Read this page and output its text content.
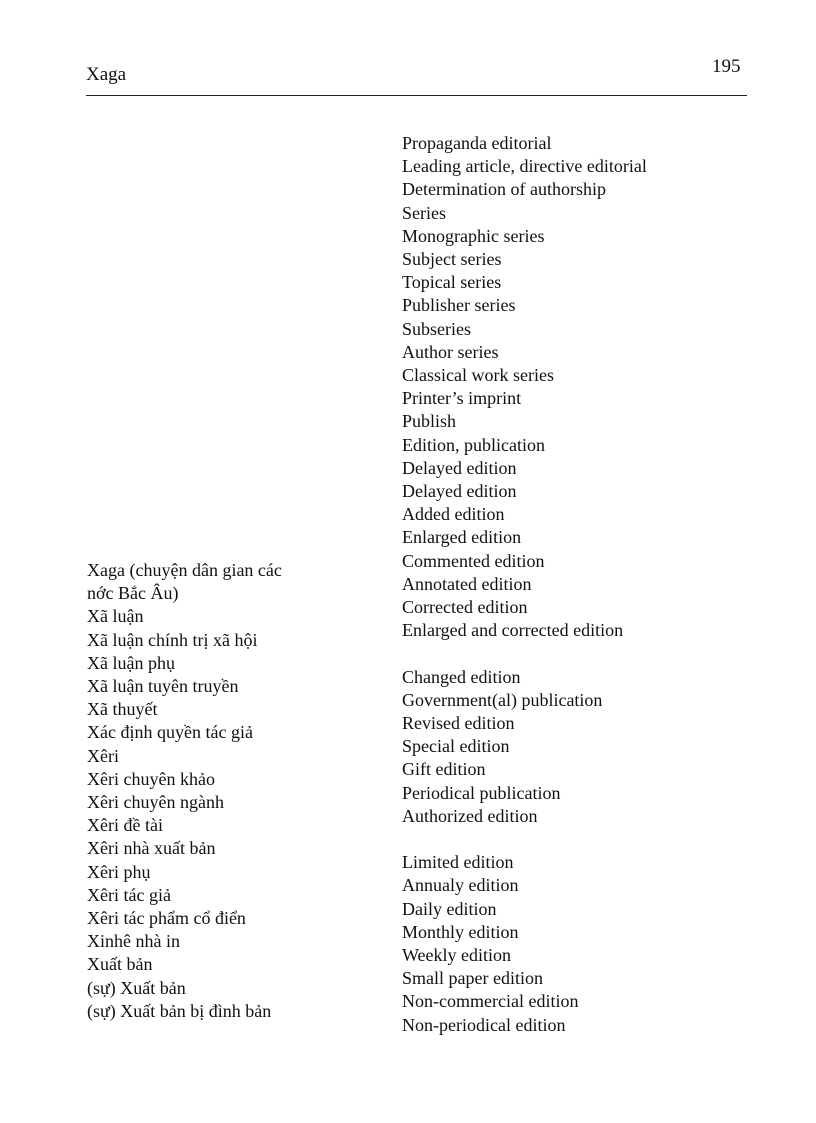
Xaga	195
Xaga (chuyện dân gian các
nớc Bắc Âu)
Xã luận
Xã luận chính trị xã hội
Xã luận phụ
Xã luận tuyên truyền
Xã thuyết
Xác định quyền tác giả
Xêri
Xêri chuyên khảo
Xêri chuyên ngành
Xêri đề tài
Xêri nhà xuất bản
Xêri phụ
Xêri tác giả
Xêri tác phẩm cổ điển
Xinhê nhà in
Xuất bản
(sự) Xuất bản
(sự) Xuất bản bị đình bản
Propaganda editorial
Leading article, directive editorial
Determination of authorship
Series
Monographic series
Subject series
Topical series
Publisher series
Subseries
Author series
Classical work series
Printer’s imprint
Publish
Edition, publication
Delayed edition
Delayed edition
Added edition
Enlarged edition
Commented edition
Annotated edition
Corrected edition
Enlarged and corrected edition
Changed edition
Government(al) publication
Revised edition
Special edition
Gift edition
Periodical publication
Authorized edition
Limited edition
Annualy edition
Daily edition
Monthly edition
Weekly edition
Small paper edition
Non-commercial edition
Non-periodical edition
